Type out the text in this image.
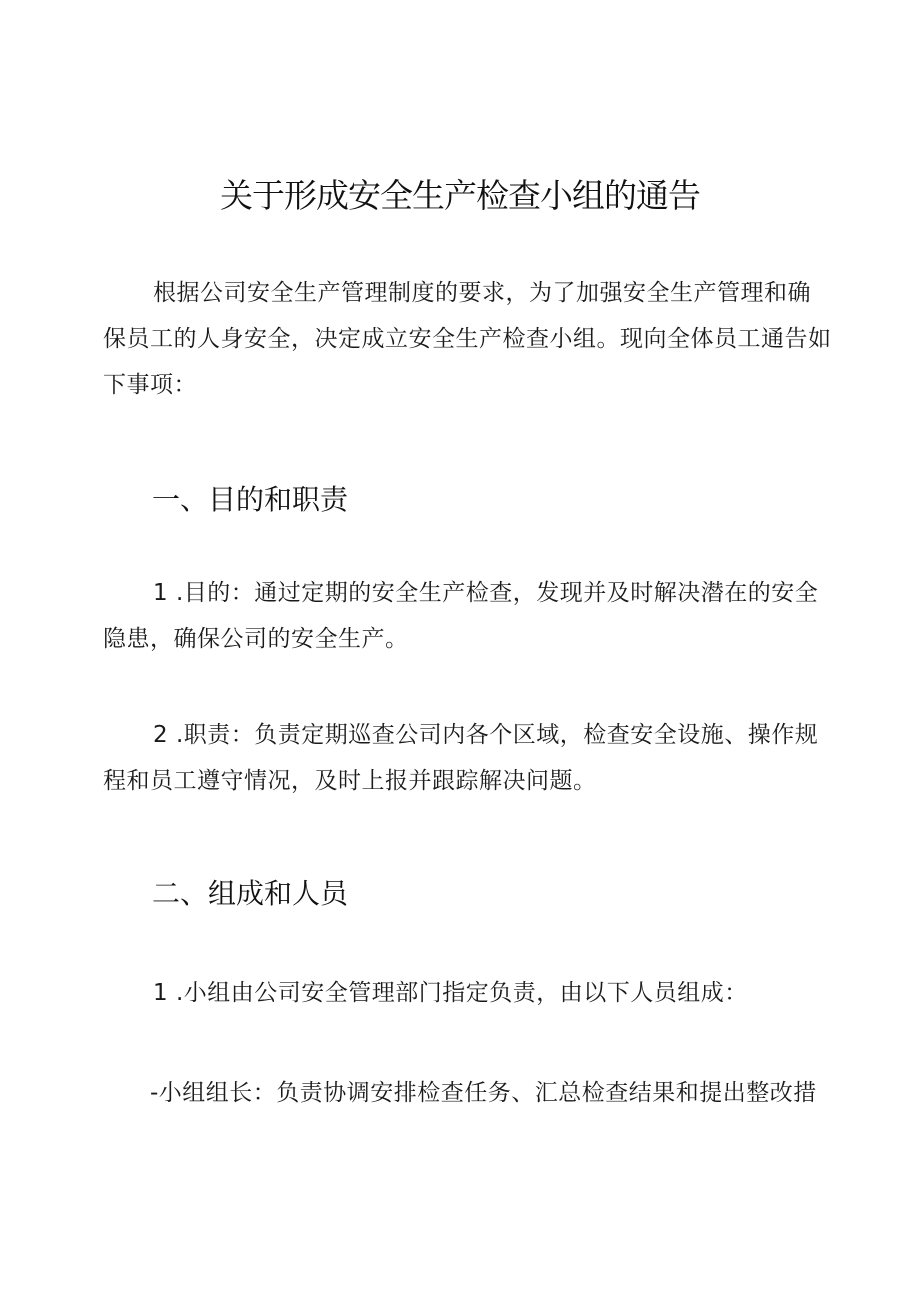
关于形成安全生产检查小组的通告
根据公司安全生产管理制度的要求，为了加强安全生产管理和确保员工的人身安全，决定成立安全生产检查小组。现向全体员工通告如下事项：
一、目的和职责
1 .目的：通过定期的安全生产检查，发现并及时解决潜在的安全隐患，确保公司的安全生产。
2 .职责：负责定期巡查公司内各个区域，检查安全设施、操作规程和员工遵守情况，及时上报并跟踪解决问题。
二、组成和人员
1 .小组由公司安全管理部门指定负责，由以下人员组成：
-小组组长：负责协调安排检查任务、汇总检查结果和提出整改措
